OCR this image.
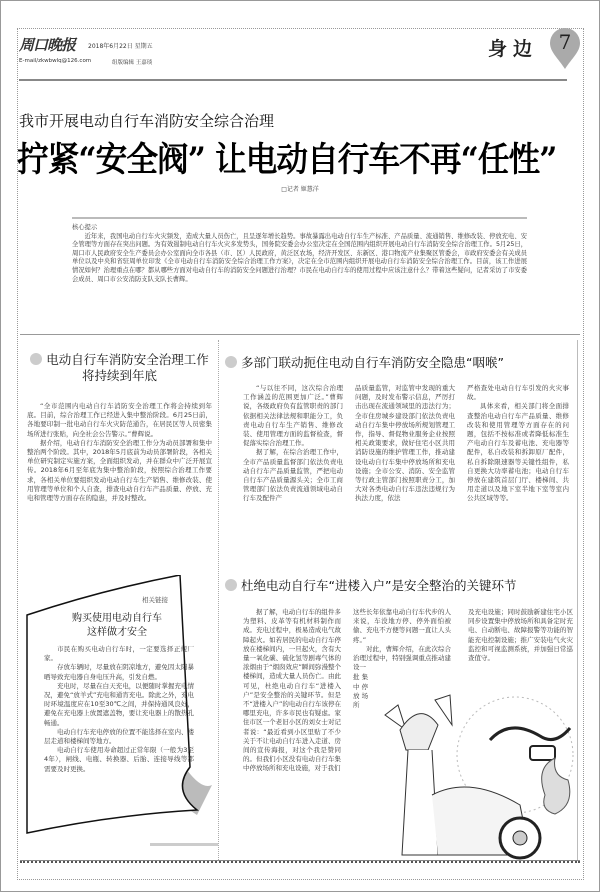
周口晚报 2018年6月22日 星期五
E-mail/zkwbwlq@126.com	组版编辑 王嘉琰
身边	7
我市开展电动自行车消防安全综合治理
拧紧“安全阀” 让电动自行车不再“任性”
□记者 姬慧洋
核心提示

近年来，我国电动自行车火灾频发，造成大量人员伤亡，且呈逐年增长趋势。事故暴露出电动自行车生产标准、产品质量、流通销售、维修改装、停放充电、安全管理等方面存在突出问题。为有效遏制电动自行车火灾多发势头，国务院安委会办公室决定在全国范围内组织开展电动自行车消防安全综合治理工作。5月25日，周口市人民政府安全生产委员会办公室面向全市各县（市、区）人民政府，黄泛区农场，经济开发区、东新区、港口物流产业集聚区管委会，市政府安委会有关成员单位以及中央和省驻周单位印发《全市电动自行车消防安全综合治理工作方案》，决定在全市范围内组织开展电动自行车消防安全综合治理工作。目前，该工作进展情况如何？治理重点在哪？都从哪些方面对电动自行车的消防安全问题进行治理？市民在电动自行车的使用过程中应该注意什么？带着这些疑问，记者采访了市安委会成员、周口市公安消防支队支队长曹辉。

电动自行车消防安全治理工作
将持续到年底

“全市范围内电动自行车消防安全治理工作将会持续到年底。目前，综合治理工作已经进入集中整治阶段。6月25日前，各地要印制一批电动自行车火灾防范通告，在居民区等人员密集场所进行张贴，向全社会公告警示。”曹辉说。

据介绍，电动自行车消防安全治理工作分为动员部署和集中整治两个阶段。其中，2018年5月底前为动员部署阶段，各相关单位研究制定实施方案，全面组织发动，并在群众中广泛开展宣传。2018年6月至年底为集中整治阶段，按照综合治理工作要求，各相关单位要组织发动电动自行车生产销售、维修改装、使用管理等单位和个人自查，排查电动自行车产品质量、停放、充电和管理等方面存在的隐患，并及时整改。

相关链接
购买使用电动自行车
这样做才安全

市民在购买电动自行车时，一定要选择正规厂家。

存放车辆时，尽量放在阴凉地方，避免因太阳暴晒导致充电器自身电压升高，引发自燃。

充电时，尽量在白天充电，以便随时掌握充电情况，避免“放羊式”充电和通宵充电。除此之外，充电时环境温度应在10至30℃之间，并保持通风良好，避免在充电器上放置遮盖物，要让充电器上的散热孔畅通。

电动自行车充电停放的位置不能选择在室内、楼层走道和楼梯间等地方。

电动自行车使用寿命超过正常年限（一般为3至4年），闸线、电瓶、转换器、后胎、连接导线等都需要及时更换。

多部门联动扼住电动自行车消防安全隐患“咽喉”

“与以往不同，这次综合治理工作涵盖的范围更加广泛。”曹辉说，各级政府负有监管职责的部门依据相关法律法规和职能分工，负责电动自行车生产销售、维修改装、使用管理方面的监督检查，督促落实综合治理工作。

据了解，在综合治理工作中，全市产品质量监督部门依法负责电动自行车产品质量监管，严把电动自行车产品质量源头关；全市工商管理部门依法负责流通领域电动自行车及配件产

品质量监管，对监管中发现的重大问题，及时发布警示信息，严厉打击出现在流通领域里的违法行为；全市住房城乡建设部门依法负责电动自行车集中停放场所规划管理工作，指导、督促物业服务企业按照相关政策要求，做好住宅小区共用消防设施的维护管理工作，推动建设电动自行车集中停放场所和充电设施；全市公安、消防、安全监管等行政主管部门按照职责分工，加大对各类电动自行车违法违规行为执法力度，依法

严格查处电动自行车引发的火灾事故。

具体来看，相关部门将全面排查整治电动自行车产品质量、维修改装和使用管理等方面存在的问题，包括不按标准或者降低标准生产电动自行车及蓄电池、充电器等配件，私自改装和拆卸原厂配件，私自拆除限速器等关键性组件，私自更换大功率蓄电池；电动自行车停放在建筑首层门厅、楼梯间、共用走道以及地下室半地下室等室内公共区域等等。

杜绝电动自行车“进楼入户”是安全整治的关键环节

据了解，电动自行车的组件多为塑料、皮革等有机材料制作而成。充电过程中，极易造成电气故障起火。如若居民的电动自行车停放在楼梯间内，一旦起火，含有大量一氧化碳、硫化氢等剧毒气体的浓烟由于“烟囱效应”瞬间弥漫整个楼梯间，造成大量人员伤亡。由此可见，杜绝电动自行车“进楼入户”是安全整治的关键环节。但是不“进楼入户”的电动自行车该停在哪里充电，许多市民也有疑虑。家住市区一个老旧小区的刘女士对记者说：“最近看到小区里贴了不少关于不让电动自行车进入走道、房间的宣传海报，对这个我是赞同的。但我们小区没有电动自行车集中停放场所和充电设施，对于我们

这些长年依靠电动自行车代步的人来说，车没地方停、停外面怕被偷、充电不方便等问题一直让人头疼。”

对此，曹辉介绍，在此次综合治理过程中，特别强调重点推动建设一

批 集
中 停
放 场
所

及充电设施；同时鼓励新建住宅小区同步设置集中停放场所和具备定时充电、自动断电、故障报警等功能的智能充电控制设施；推广安装电气火灾监控和可视监测系统，并加强日常巡查值守。
